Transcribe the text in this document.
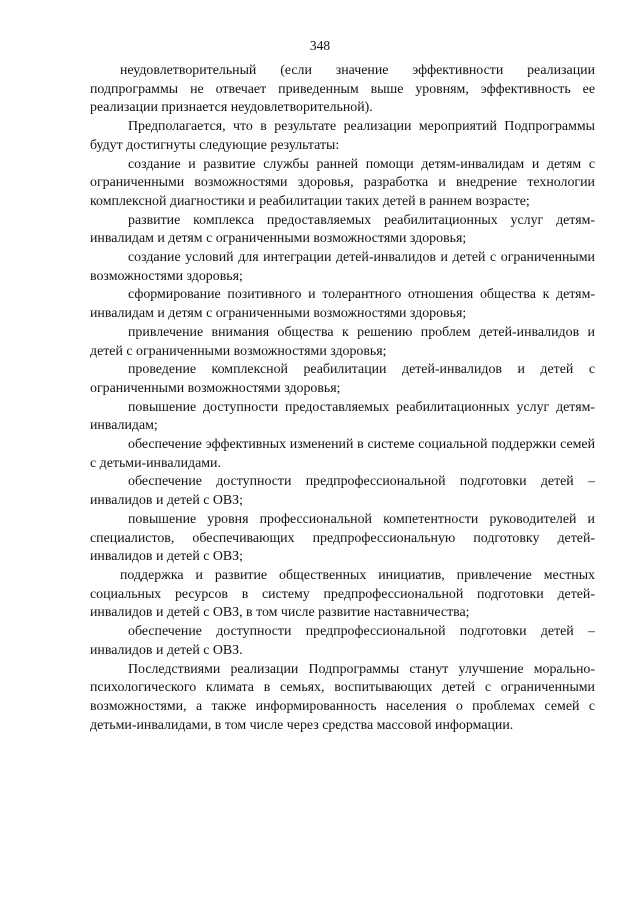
348

неудовлетворительный (если значение эффективности реализации подпрограммы не отвечает приведенным выше уровням, эффективность ее реализации признается неудовлетворительной).

Предполагается, что в результате реализации мероприятий Подпрограммы будут достигнуты следующие результаты:

создание и развитие службы ранней помощи детям-инвалидам и детям с ограниченными возможностями здоровья, разработка и внедрение технологии комплексной диагностики и реабилитации таких детей в раннем возрасте;

развитие комплекса предоставляемых реабилитационных услуг детям-инвалидам и детям с ограниченными возможностями здоровья;

создание условий для интеграции детей-инвалидов и детей с ограниченными возможностями здоровья;

сформирование позитивного и толерантного отношения общества к детям-инвалидам и детям с ограниченными возможностями здоровья;

привлечение внимания общества к решению проблем детей-инвалидов и детей с ограниченными возможностями здоровья;

проведение комплексной реабилитации детей-инвалидов и детей с ограниченными возможностями здоровья;

повышение доступности предоставляемых реабилитационных услуг детям-инвалидам;

обеспечение эффективных изменений в системе социальной поддержки семей с детьми-инвалидами.

обеспечение доступности предпрофессиональной подготовки детей – инвалидов и детей с ОВЗ;

повышение уровня профессиональной компетентности руководителей и специалистов, обеспечивающих предпрофессиональную подготовку детей-инвалидов и детей с ОВЗ;

поддержка и развитие общественных инициатив, привлечение местных социальных ресурсов в систему предпрофессиональной подготовки детей-инвалидов и детей с ОВЗ, в том числе развитие наставничества;

обеспечение доступности предпрофессиональной подготовки детей – инвалидов и детей с ОВЗ.

Последствиями реализации Подпрограммы станут улучшение морально-психологического климата в семьях, воспитывающих детей с ограниченными возможностями, а также информированность населения о проблемах семей с детьми-инвалидами, в том числе через средства массовой информации.
